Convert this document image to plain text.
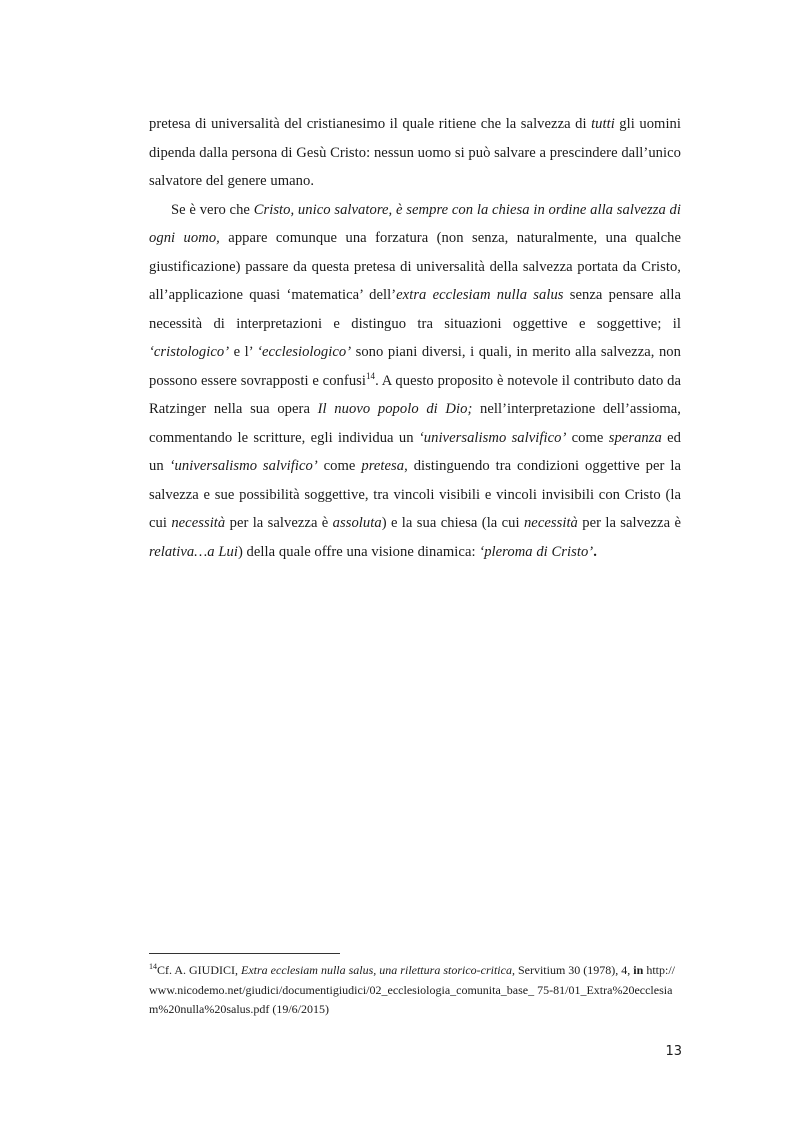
pretesa di universalità del cristianesimo il quale ritiene che la salvezza di tutti gli uomini dipenda dalla persona di Gesù Cristo: nessun uomo si può salvare a prescindere dall’unico salvatore del genere umano.

Se è vero che Cristo, unico salvatore, è sempre con la chiesa in ordine alla salvezza di ogni uomo, appare comunque una forzatura (non senza, naturalmente, una qualche giustificazione) passare da questa pretesa di universalità della salvezza portata da Cristo, all’applicazione quasi ‘matematica’ dell’extra ecclesiam nulla salus senza pensare alla necessità di interpretazioni e distinguo tra situazioni oggettive e soggettive; il ‘cristologico’ e l’ ‘ecclesiologico’ sono piani diversi, i quali, in merito alla salvezza, non possono essere sovrapposti e confusi$^{14}$. A questo proposito è notevole il contributo dato da Ratzinger nella sua opera Il nuovo popolo di Dio; nell’interpretazione dell’assioma, commentando le scritture, egli individua un ‘universalismo salvifico’ come speranza ed un ‘universalismo salvifico’ come pretesa, distinguendo tra condizioni oggettive per la salvezza e sue possibilità soggettive, tra vincoli visibili e vincoli invisibili con Cristo (la cui necessità per la salvezza è assoluta) e la sua chiesa (la cui necessità per la salvezza è relativa…a Lui) della quale offre una visione dinamica: ‘pleroma di Cristo’.

$^{14}$Cf. A. GIUDICI, Extra ecclesiam nulla salus, una rilettura storico-critica, Servitium 30 (1978), 4, in http://www.nicodemo.net/giudici/documentigiudici/02_ecclesiologia_comunita_base_ 75-81/01_Extra%20ecclesiam%20nulla%20salus.pdf (19/6/2015)
13
